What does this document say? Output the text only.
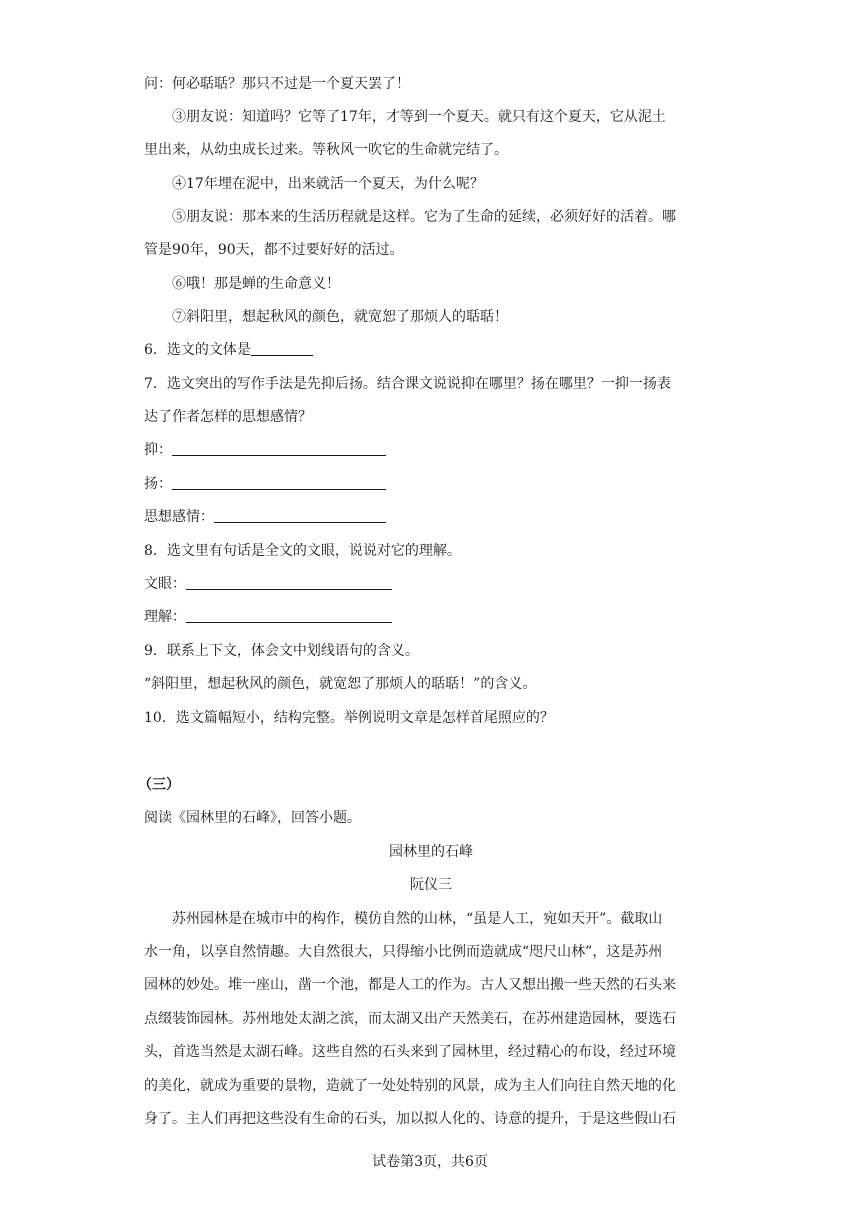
问：何必聒聒？那只不过是一个夏天罢了！
③朋友说：知道吗？它等了17年，才等到一个夏天。就只有这个夏天，它从泥土
里出来，从幼虫成长过来。等秋风一吹它的生命就完结了。
④17年埋在泥中，出来就活一个夏天，为什么呢？
⑤朋友说：那本来的生活历程就是这样。它为了生命的延续，必须好好的活着。哪
管是90年，90天，都不过要好好的活过。
⑥哦！那是蝉的生命意义！
⑦斜阳里，想起秋风的颜色，就宽恕了那烦人的聒聒！
6．选文的文体是
7．选文突出的写作手法是先抑后扬。结合课文说说抑在哪里？扬在哪里？一抑一扬表
达了作者怎样的思想感情？
抑：
扬：
思想感情：
8．选文里有句话是全文的文眼，说说对它的理解。
文眼：
理解：
9．联系上下文，体会文中划线语句的含义。
“斜阳里，想起秋风的颜色，就宽恕了那烦人的聒聒！”的含义。
10．选文篇幅短小，结构完整。举例说明文章是怎样首尾照应的？
（三）
阅读《园林里的石峰》，回答小题。
园林里的石峰
阮仪三
苏州园林是在城市中的构作，模仿自然的山林，“虽是人工，宛如天开”。截取山
水一角，以享自然情趣。大自然很大，只得缩小比例而造就成“咫尺山林”，这是苏州
园林的妙处。堆一座山，凿一个池，都是人工的作为。古人又想出搬一些天然的石头来
点缀装饰园林。苏州地处太湖之滨，而太湖又出产天然美石，在苏州建造园林，要选石
头，首选当然是太湖石峰。这些自然的石头来到了园林里，经过精心的布设，经过环境
的美化，就成为重要的景物，造就了一处处特别的风景，成为主人们向往自然天地的化
身了。主人们再把这些没有生命的石头，加以拟人化的、诗意的提升，于是这些假山石
试卷第3页，共6页
